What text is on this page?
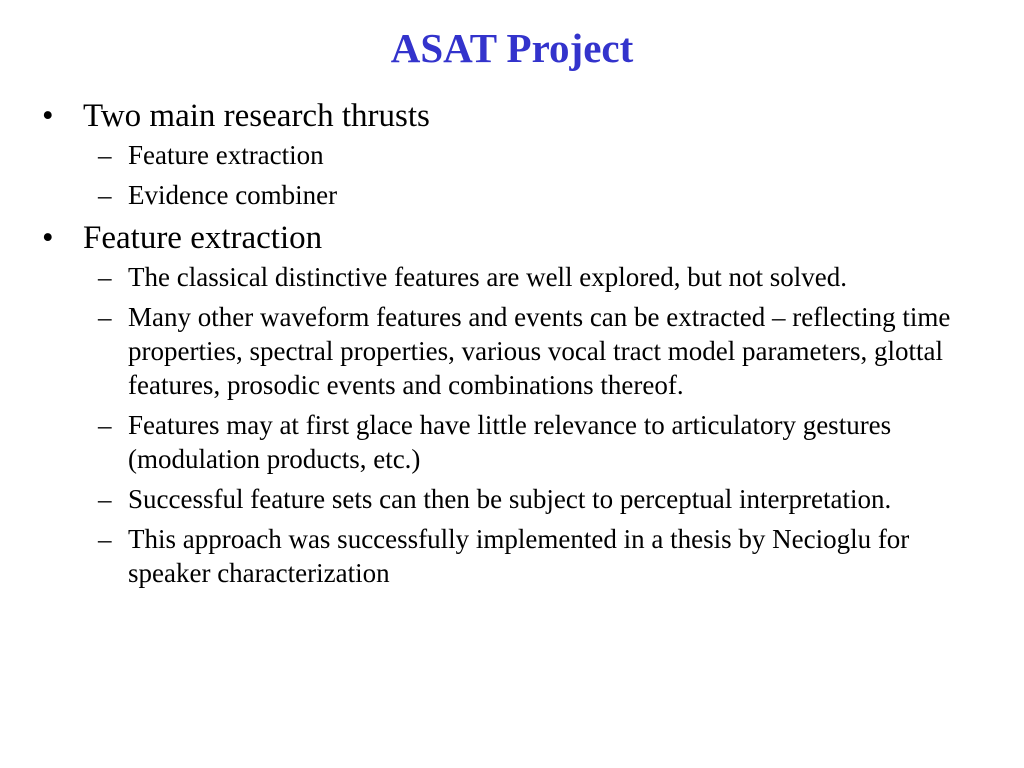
ASAT Project
• Two main research thrusts
– Feature extraction
– Evidence combiner
• Feature extraction
– The classical distinctive features are well explored, but not solved.
– Many other waveform features and events can be extracted – reflecting time properties, spectral properties, various vocal tract model parameters, glottal features, prosodic events and combinations thereof.
– Features may at first glace have little relevance to articulatory gestures (modulation products, etc.)
– Successful feature sets can then be subject to perceptual interpretation.
– This approach was successfully implemented in a thesis by Necioglu for speaker characterization
